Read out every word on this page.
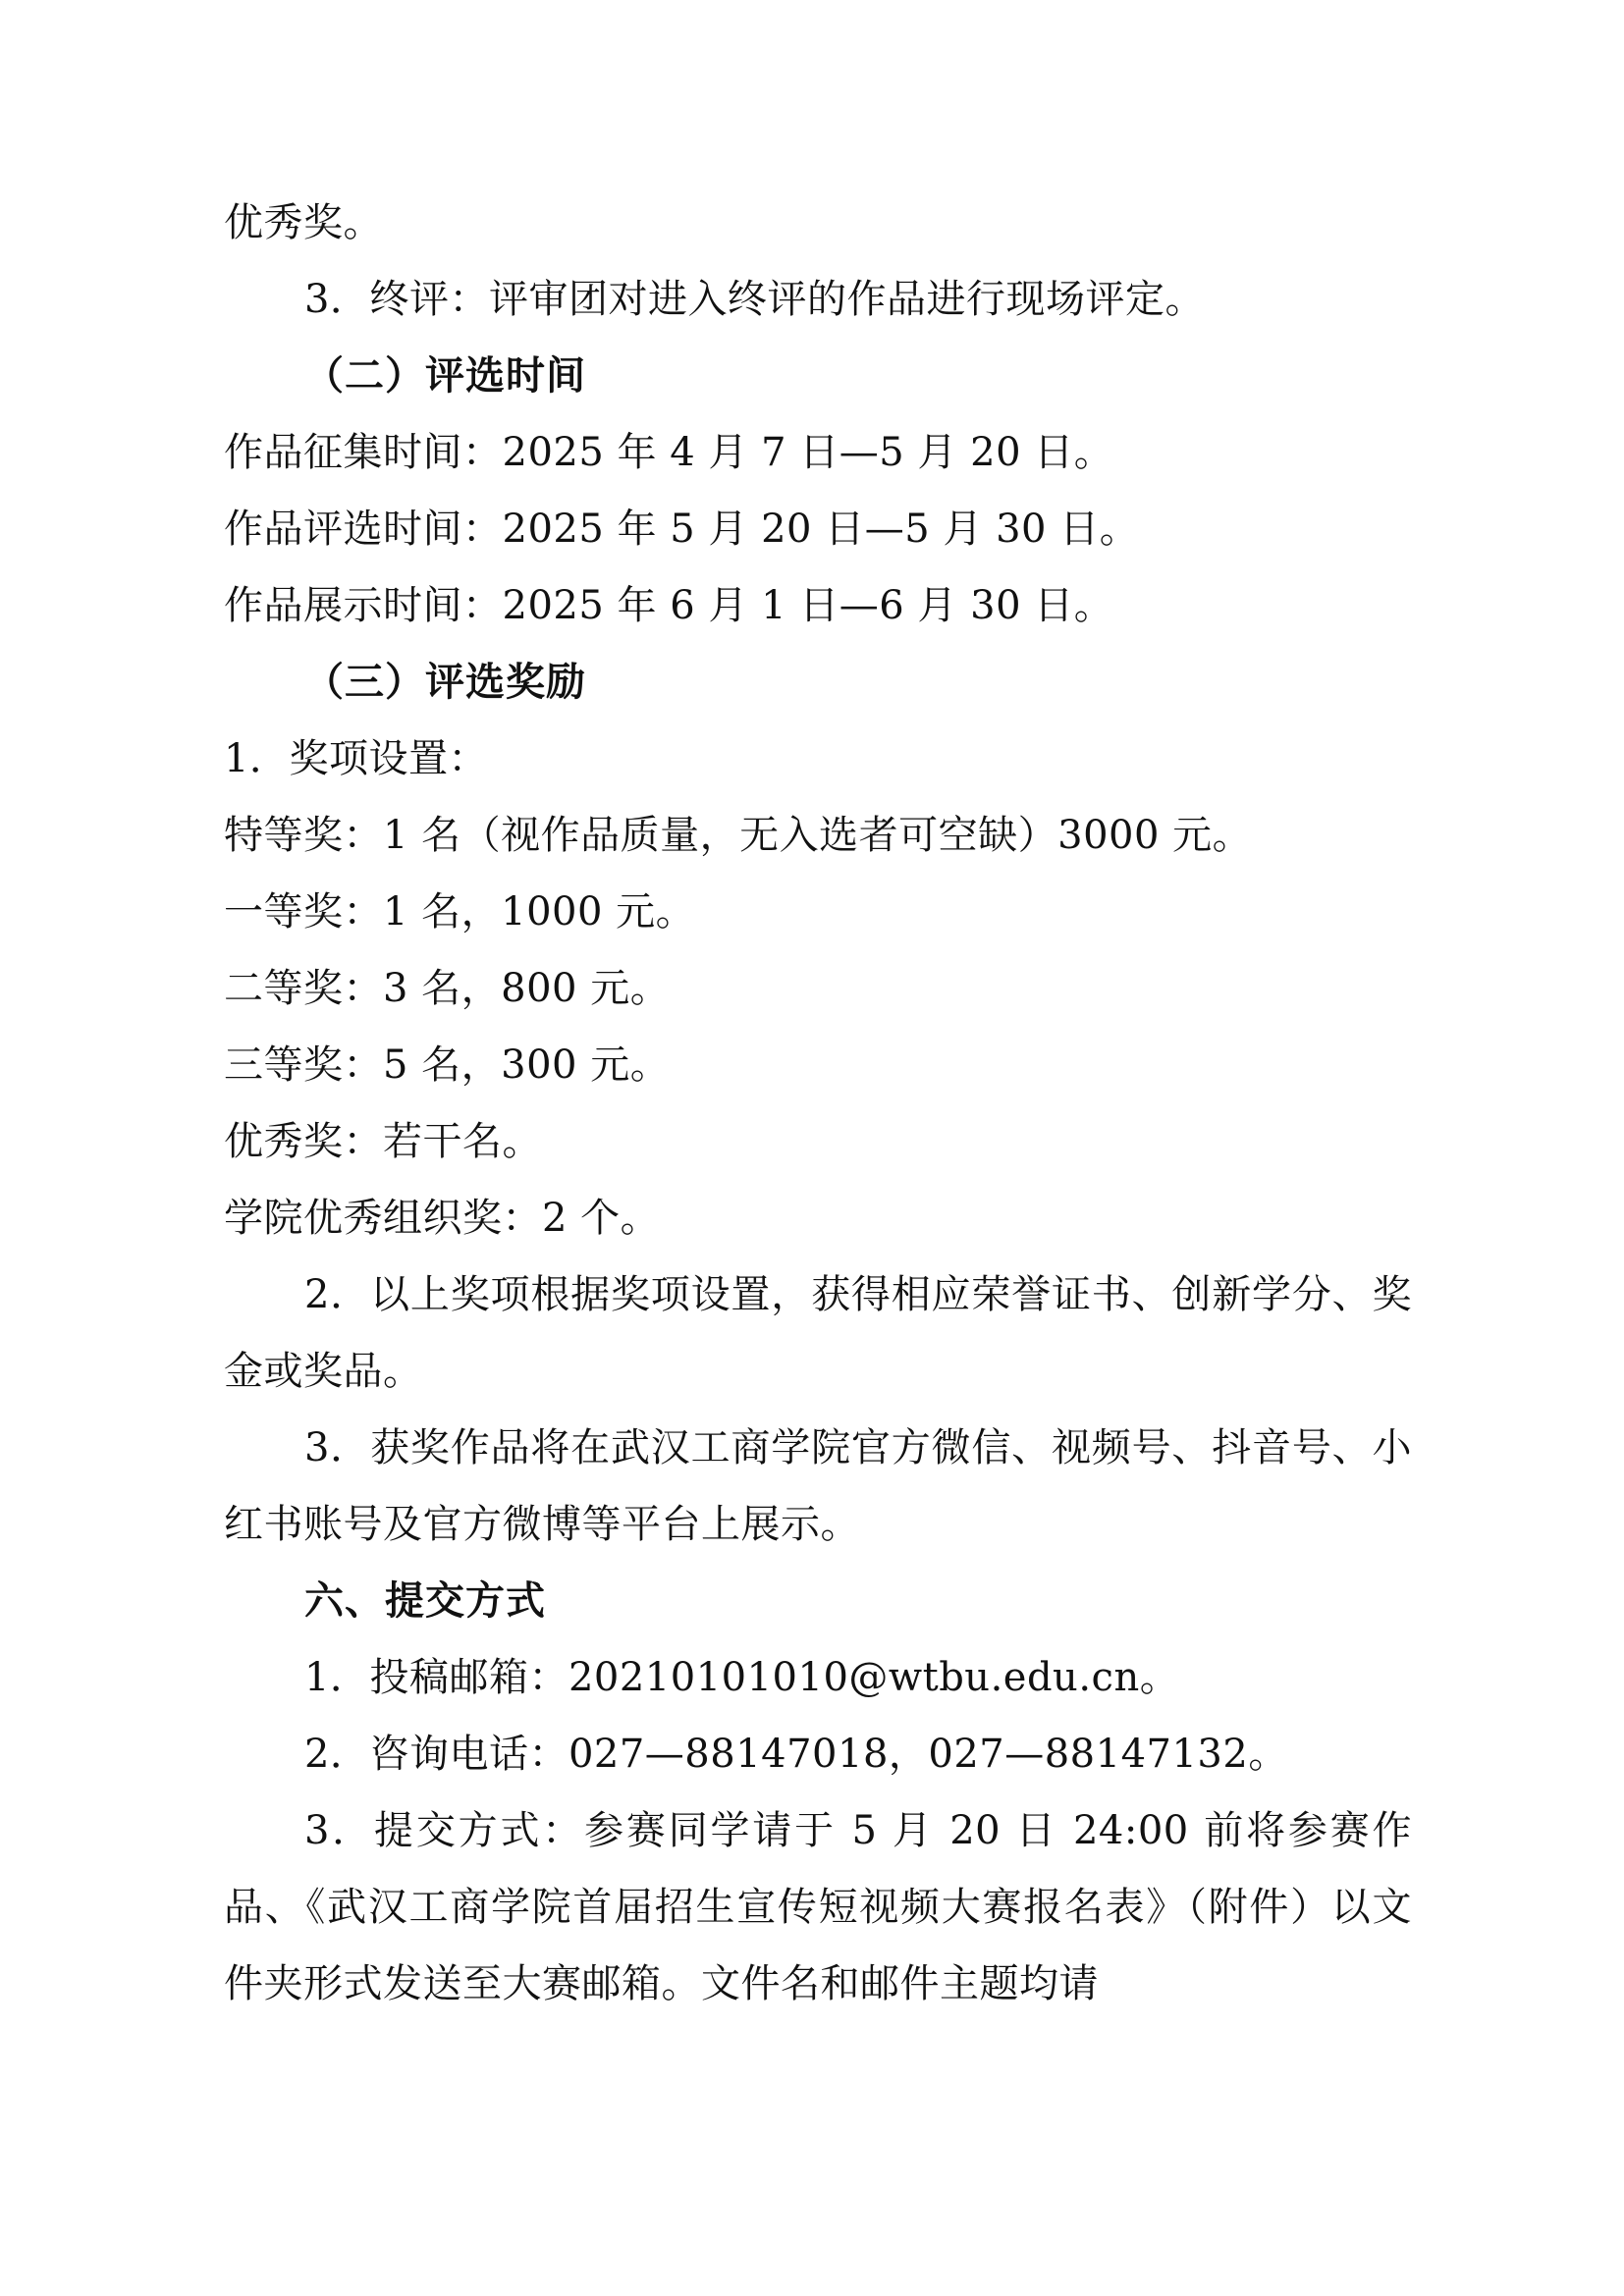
优秀奖。

3．终评：评审团对进入终评的作品进行现场评定。

（二）评选时间

作品征集时间：2025 年 4 月 7 日—5 月 20 日。

作品评选时间：2025 年 5 月 20 日—5 月 30 日。

作品展示时间：2025 年 6 月 1 日—6 月 30 日。

（三）评选奖励

1．奖项设置：

特等奖：1 名（视作品质量，无入选者可空缺）3000 元。

一等奖：1 名，1000 元。

二等奖：3 名，800 元。

三等奖：5 名，300 元。

优秀奖：若干名。

学院优秀组织奖：2 个。

2．以上奖项根据奖项设置，获得相应荣誉证书、创新学分、奖金或奖品。

3．获奖作品将在武汉工商学院官方微信、视频号、抖音号、小红书账号及官方微博等平台上展示。

六、提交方式

1．投稿邮箱：20210101010@wtbu.edu.cn。

2．咨询电话：027—88147018，027—88147132。

3．提交方式：参赛同学请于 5 月 20 日 24:00 前将参赛作品、《武汉工商学院首届招生宣传短视频大赛报名表》（附件）以文件夹形式发送至大赛邮箱。文件名和邮件主题均请
